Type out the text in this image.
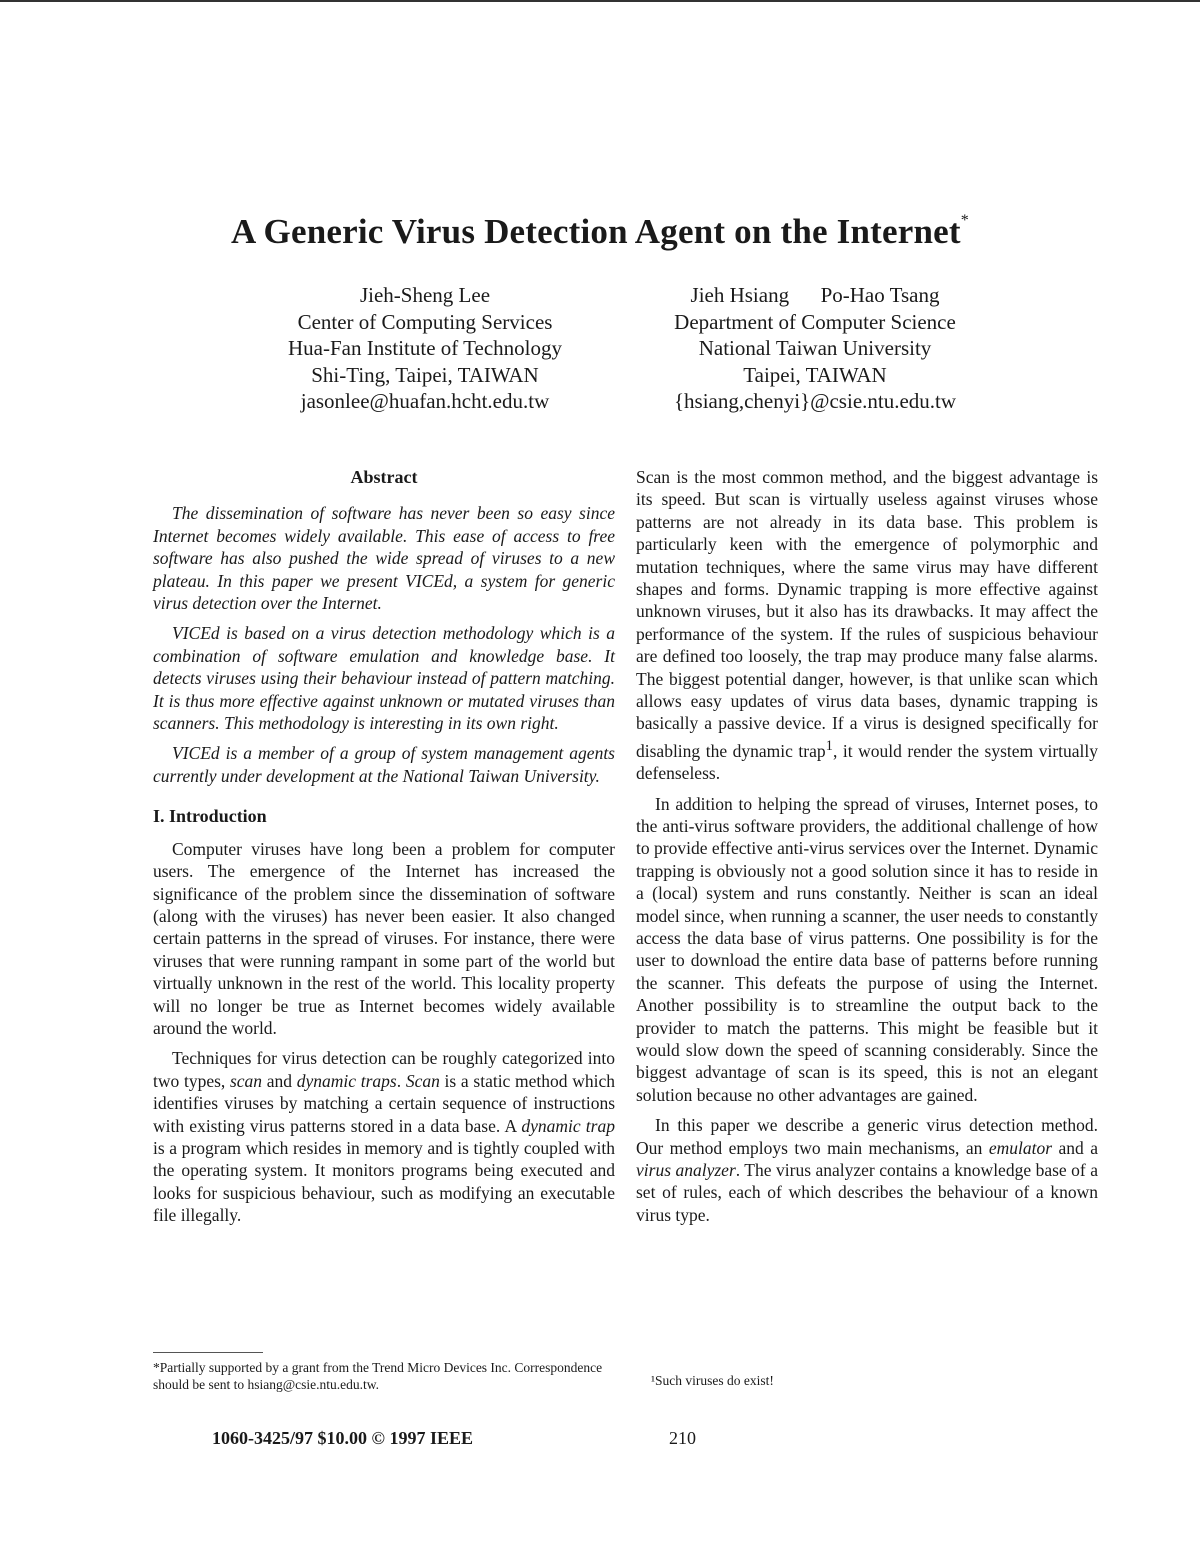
A Generic Virus Detection Agent on the Internet*
Jieh-Sheng Lee
Center of Computing Services
Hua-Fan Institute of Technology
Shi-Ting, Taipei, TAIWAN
jasonlee@huafan.hcht.edu.tw
Jieh Hsiang      Po-Hao Tsang
Department of Computer Science
National Taiwan University
Taipei, TAIWAN
{hsiang,chenyi}@csie.ntu.edu.tw
Abstract

The dissemination of software has never been so easy since Internet becomes widely available. This ease of access to free software has also pushed the wide spread of viruses to a new plateau. In this paper we present VICEd, a system for generic virus detection over the Internet.

VICEd is based on a virus detection methodology which is a combination of software emulation and knowledge base. It detects viruses using their behaviour instead of pattern matching. It is thus more effective against unknown or mutated viruses than scanners. This methodology is interesting in its own right.

VICEd is a member of a group of system management agents currently under development at the National Taiwan University.

I. Introduction

Computer viruses have long been a problem for computer users. The emergence of the Internet has increased the significance of the problem since the dissemination of software (along with the viruses) has never been easier. It also changed certain patterns in the spread of viruses. For instance, there were viruses that were running rampant in some part of the world but virtually unknown in the rest of the world. This locality property will no longer be true as Internet becomes widely available around the world.

Techniques for virus detection can be roughly categorized into two types, scan and dynamic traps. Scan is a static method which identifies viruses by matching a certain sequence of instructions with existing virus patterns stored in a data base. A dynamic trap is a program which resides in memory and is tightly coupled with the operating system. It monitors programs being executed and looks for suspicious behaviour, such as modifying an executable file illegally.

Scan is the most common method, and the biggest advantage is its speed. But scan is virtually useless against viruses whose patterns are not already in its data base. This problem is particularly keen with the emergence of polymorphic and mutation techniques, where the same virus may have different shapes and forms. Dynamic trapping is more effective against unknown viruses, but it also has its drawbacks. It may affect the performance of the system. If the rules of suspicious behaviour are defined too loosely, the trap may produce many false alarms. The biggest potential danger, however, is that unlike scan which allows easy updates of virus data bases, dynamic trapping is basically a passive device. If a virus is designed specifically for disabling the dynamic trap$^1$, it would render the system virtually defenseless.

In addition to helping the spread of viruses, Internet poses, to the anti-virus software providers, the additional challenge of how to provide effective anti-virus services over the Internet. Dynamic trapping is obviously not a good solution since it has to reside in a (local) system and runs constantly. Neither is scan an ideal model since, when running a scanner, the user needs to constantly access the data base of virus patterns. One possibility is for the user to download the entire data base of patterns before running the scanner. This defeats the purpose of using the Internet. Another possibility is to streamline the output back to the provider to match the patterns. This might be feasible but it would slow down the speed of scanning considerably. Since the biggest advantage of scan is its speed, this is not an elegant solution because no other advantages are gained.

In this paper we describe a generic virus detection method. Our method employs two main mechanisms, an emulator and a virus analyzer. The virus analyzer contains a knowledge base of a set of rules, each of which describes the behaviour of a known virus type.

*Partially supported by a grant from the Trend Micro Devices Inc. Correspondence should be sent to hsiang@csie.ntu.edu.tw.	¹Such viruses do exist!
1060-3425/97 $10.00 © 1997 IEEE	210
